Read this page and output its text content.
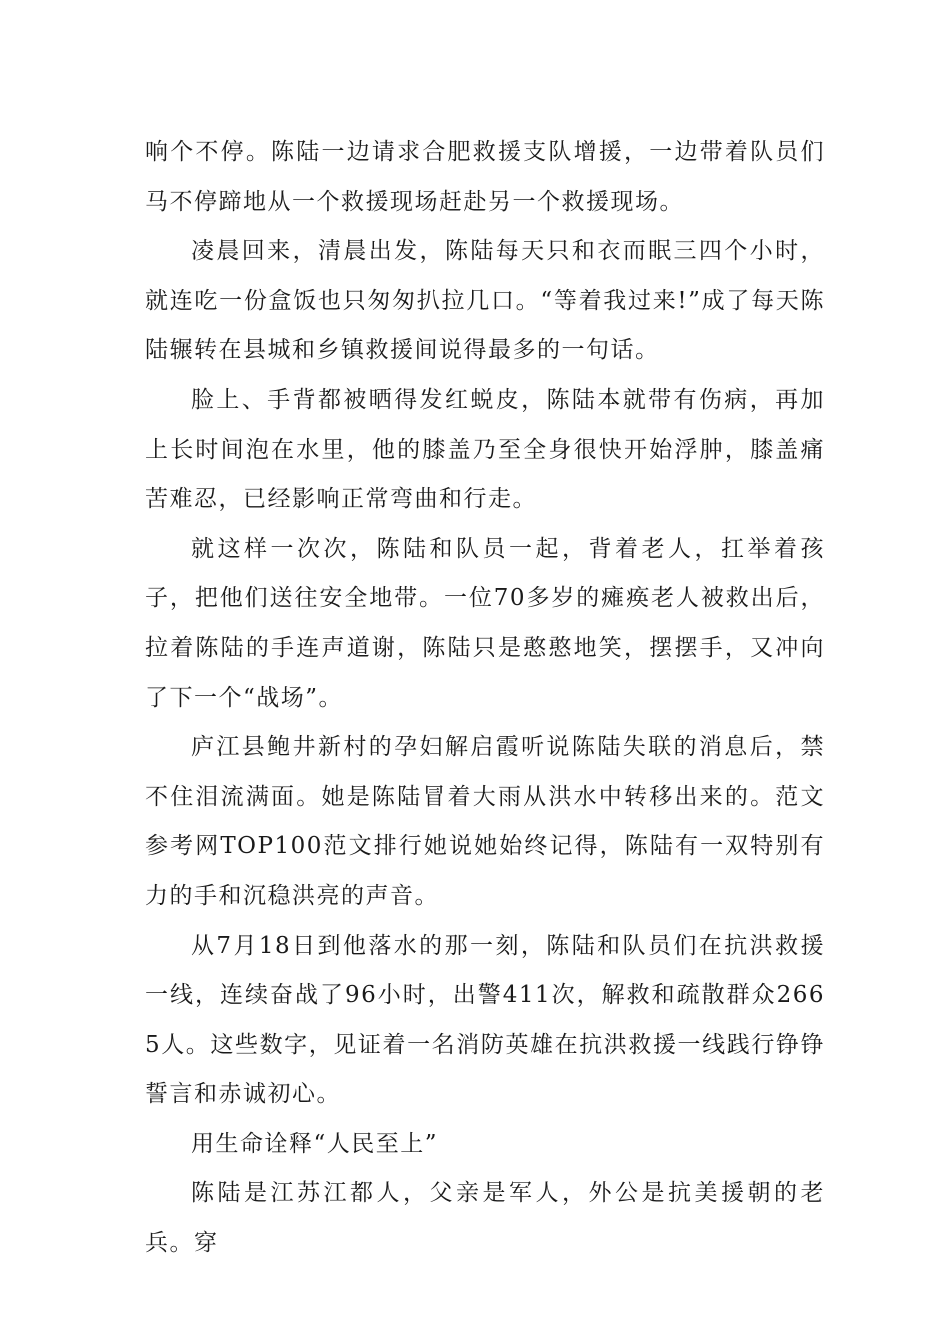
响个不停。陈陆一边请求合肥救援支队增援，一边带着队员们马不停蹄地从一个救援现场赶赴另一个救援现场。

凌晨回来，清晨出发，陈陆每天只和衣而眠三四个小时，就连吃一份盒饭也只匆匆扒拉几口。“等着我过来!”成了每天陈陆辗转在县城和乡镇救援间说得最多的一句话。

脸上、手背都被晒得发红蜕皮，陈陆本就带有伤病，再加上长时间泡在水里，他的膝盖乃至全身很快开始浮肿，膝盖痛苦难忍，已经影响正常弯曲和行走。

就这样一次次，陈陆和队员一起，背着老人，扛举着孩子，把他们送往安全地带。一位70多岁的瘫痪老人被救出后，拉着陈陆的手连声道谢，陈陆只是憨憨地笑，摆摆手，又冲向了下一个“战场”。

庐江县鲍井新村的孕妇解启霞听说陈陆失联的消息后，禁不住泪流满面。她是陈陆冒着大雨从洪水中转移出来的。范文参考网TOP100范文排行她说她始终记得，陈陆有一双特别有力的手和沉稳洪亮的声音。

从7月18日到他落水的那一刻，陈陆和队员们在抗洪救援一线，连续奋战了96小时，出警411次，解救和疏散群众2665人。这些数字，见证着一名消防英雄在抗洪救援一线践行铮铮誓言和赤诚初心。

用生命诠释“人民至上”

陈陆是江苏江都人，父亲是军人，外公是抗美援朝的老兵。穿
